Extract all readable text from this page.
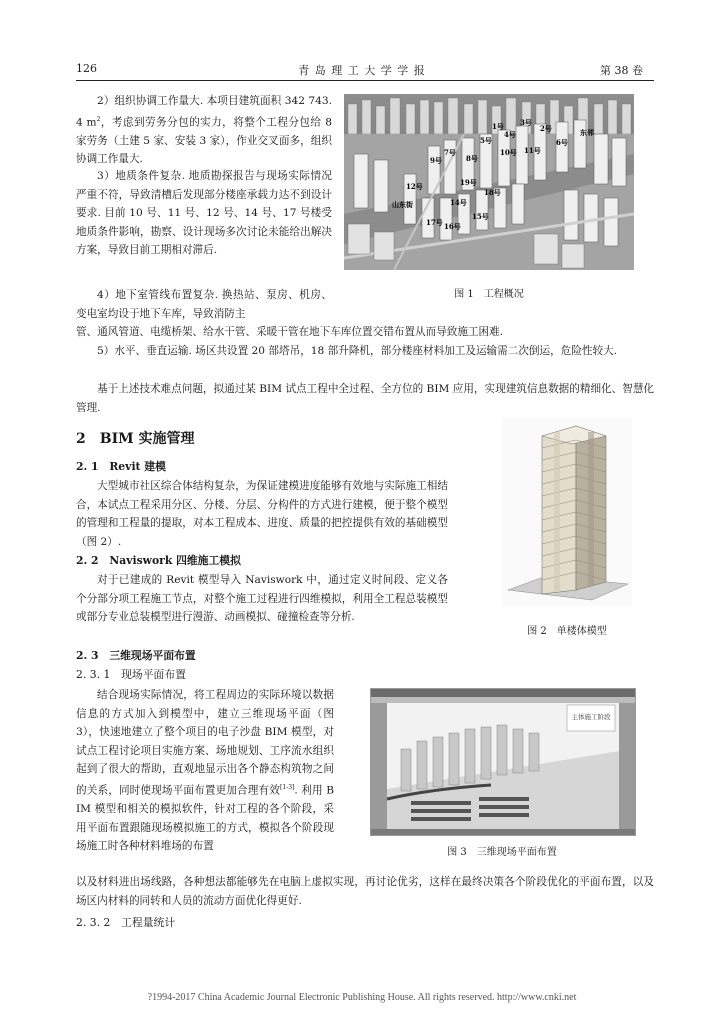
126	青 岛 理 工 大 学 学 报	第 38 卷

2）组织协调工作量大. 本项目建筑面积 342 743. 4 $m^2$，考虑到劳务分包的实力，将整个工程分包给 8 家劳务（土建 5 家、安装 3 家），作业交叉面多，组织协调工作量大.

3）地质条件复杂. 地质勘探报告与现场实际情况严重不符，导致清槽后发现部分楼座承载力达不到设计要求. 目前 10 号、11 号、12 号、14 号、17 号楼受地质条件影响，勘察、设计现场多次讨论未能给出解决方案，导致目前工期相对滞后.

4）地下室管线布置复杂. 换热站、泵房、机房、变电室均设于地下车库，导致消防主

管、通风管道、电缆桥架、给水干管、采暖干管在地下车库位置交错布置从而导致施工困难.

5）水平、垂直运输. 场区共设置 20 部塔吊，18 部升降机，部分楼座材料加工及运输需二次倒运，危险性较大.

基于上述技术难点问题，拟通过某 BIM 试点工程中全过程、全方位的 BIM 应用，实现建筑信息数据的精细化、智慧化管理.

1号	2号
3号
4号
5号	6号
7号
8号
9号
10号 11号
12号
14号
15号
16号
17号
18号
19号
山东街
东邻
图 1　工程概况
2　BIM 实施管理
2. 1　Revit 建模

大型城市社区综合体结构复杂，为保证建模进度能够有效地与实际施工相结合，本试点工程采用分区、分楼、分层、分构件的方式进行建模，便于整个模型的管理和工程量的提取，对本工程成本、进度、质量的把控提供有效的基础模型（图 2）.

2. 2　Naviswork 四维施工模拟

对于已建成的 Revit 模型导入 Naviswork 中，通过定义时间段、定义各个分部分项工程施工节点，对整个施工过程进行四维模拟，利用全工程总装模型或部分专业总装模型进行漫游、动画模拟、碰撞检查等分析.

图 2　单楼体模型
2. 3　三维现场平面布置
2. 3. 1　现场平面布置

结合现场实际情况，将工程周边的实际环境以数据信息的方式加入到模型中，建立三维现场平面（图 3），快速地建立了整个项目的电子沙盘 BIM 模型，对试点工程讨论项目实施方案、场地规划、工序流水组织起到了很大的帮助，直观地显示出各个静态构筑物之间的关系，同时使现场平面布置更加合理有效[1-3]. 利用 BIM 模型和相关的模拟软件，针对工程的各个阶段，采用平面布置跟随现场模拟施工的方式，模拟各个阶段现场施工时各种材料堆场的布置

以及材料进出场线路，各种想法都能够先在电脑上虚拟实现，再讨论优劣，这样在最终决策各个阶段优化的平面布置，以及场区内材料的同转和人员的流动方面优化得更好.

2. 3. 2　工程量统计
主体施工阶段
图 3　三维现场平面布置
?1994-2017 China Academic Journal Electronic Publishing House. All rights reserved. http://www.cnki.net
